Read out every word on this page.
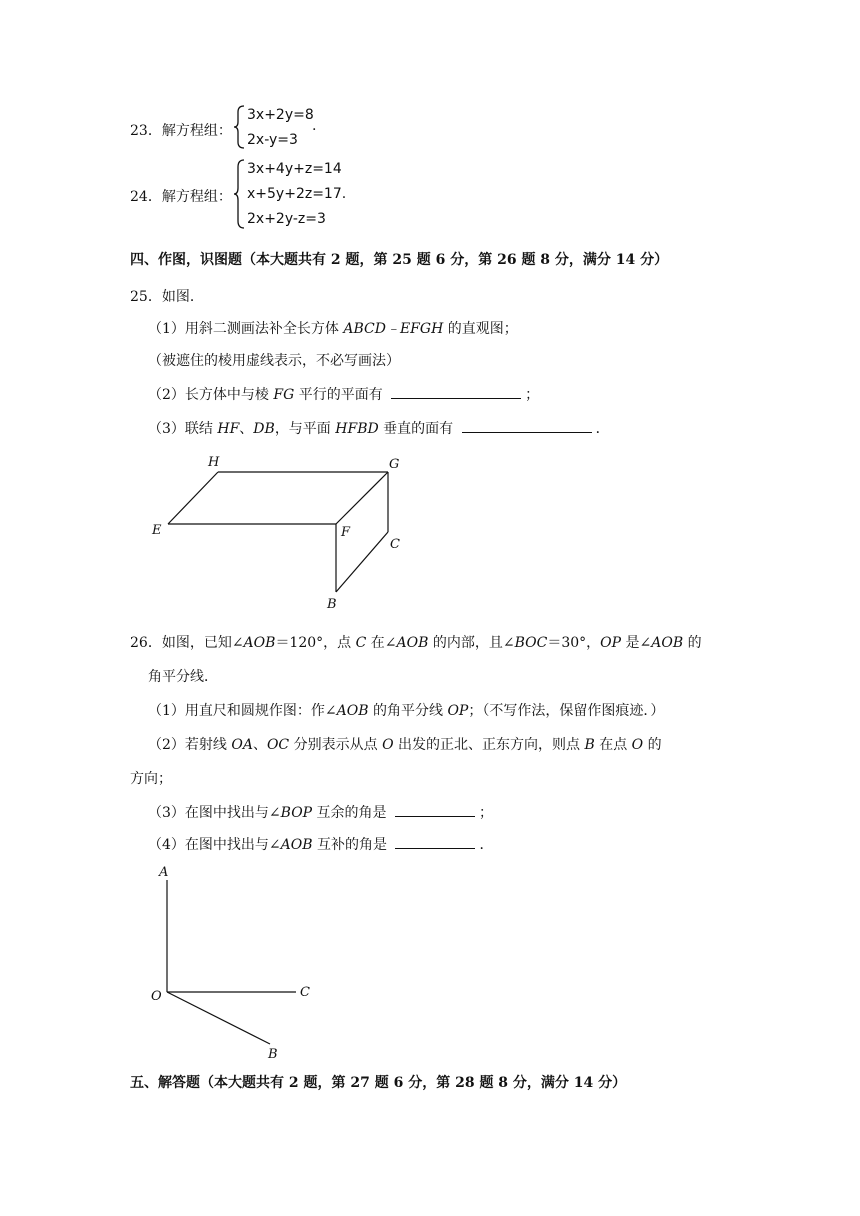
23．解方程组：
3x+2y=8
2x-y=3
.
24．解方程组：
3x+4y+z=14
x+5y+2z=17.
2x+2y-z=3
四、作图，识图题（本大题共有 2 题，第 25 题 6 分，第 26 题 8 分，满分 14 分）
25．如图．
（1）用斜二测画法补全长方体 ABCD﹣EFGH 的直观图；
（被遮住的棱用虚线表示，不必写画法）
（2）长方体中与棱 FG 平行的平面有	；
（3）联结 HF、DB，与平面 HFBD 垂直的面有	．
H	G
E	F
C
B
26．如图，已知∠AOB＝120°，点 C 在∠AOB 的内部，且∠BOC＝30°，OP 是∠AOB 的
角平分线．
（1）用直尺和圆规作图：作∠AOB 的角平分线 OP；（不写作法，保留作图痕迹．）
（2）若射线 OA、OC 分别表示从点 O 出发的正北、正东方向，则点 B 在点 O 的
方向；
（3）在图中找出与∠BOP 互余的角是	；
（4）在图中找出与∠AOB 互补的角是	．
A
O	C
B
五、解答题（本大题共有 2 题，第 27 题 6 分，第 28 题 8 分，满分 14 分）
